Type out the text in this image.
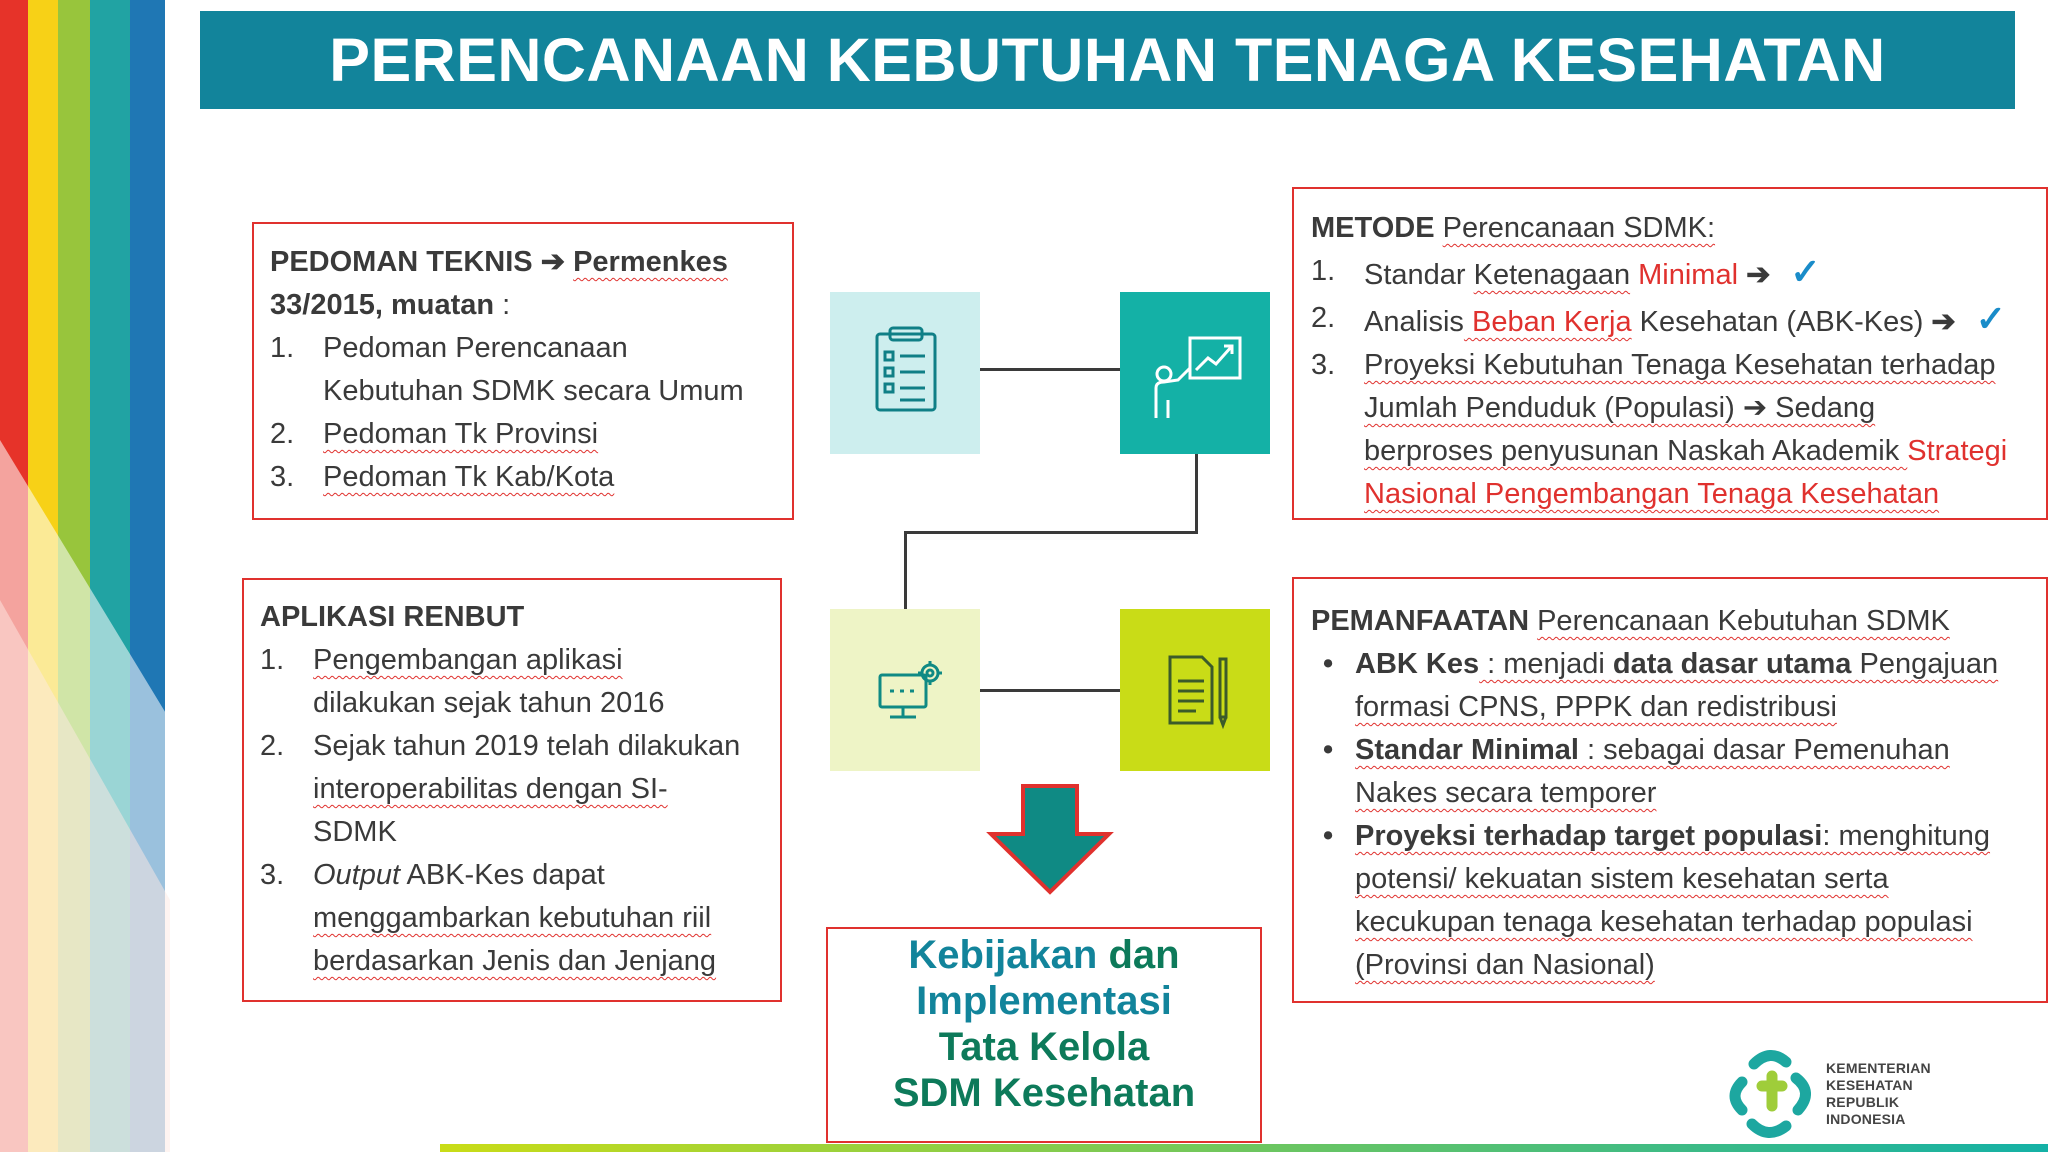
PERENCANAAN KEBUTUHAN TENAGA KESEHATAN
PEDOMAN TEKNIS ➔ Permenkes
33/2015, muatan :
1. Pedoman Perencanaan
Kebutuhan SDMK secara Umum
2. Pedoman Tk Provinsi
3. Pedoman Tk Kab/Kota
APLIKASI RENBUT
1. Pengembangan aplikasi
dilakukan sejak tahun 2016
2. Sejak tahun 2019 telah dilakukan
interoperabilitas dengan SI-
SDMK
3. Output ABK-Kes dapat
menggambarkan kebutuhan riil
berdasarkan Jenis dan Jenjang
METODE Perencanaan SDMK:
1. Standar Ketenagaan Minimal ➔ ✓
2. Analisis Beban Kerja Kesehatan (ABK-Kes) ➔ ✓
3. Proyeksi Kebutuhan Tenaga Kesehatan terhadap
Jumlah Penduduk (Populasi) ➔ Sedang
berproses penyusunan Naskah Akademik Strategi
Nasional Pengembangan Tenaga Kesehatan
PEMANFAATAN Perencanaan Kebutuhan SDMK
• ABK Kes : menjadi data dasar utama Pengajuan
formasi CPNS, PPPK dan redistribusi
• Standar Minimal : sebagai dasar Pemenuhan
Nakes secara temporer
• Proyeksi terhadap target populasi: menghitung
potensi/ kekuatan sistem kesehatan serta
kecukupan tenaga kesehatan terhadap populasi
(Provinsi dan Nasional)
Kebijakan dan
Implementasi
Tata Kelola
SDM Kesehatan
KEMENTERIAN
KESEHATAN
REPUBLIK
INDONESIA
